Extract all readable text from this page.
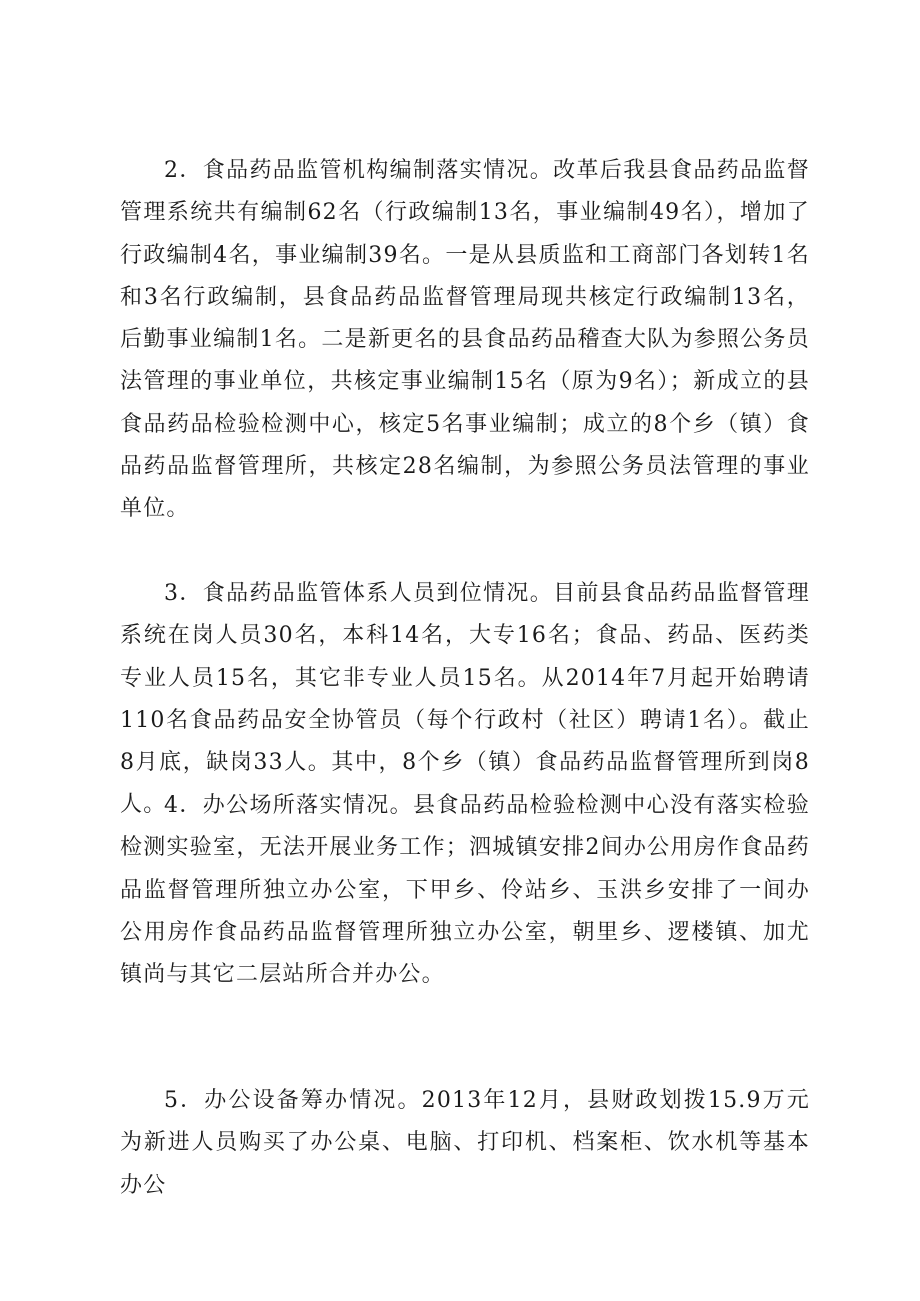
2．食品药品监管机构编制落实情况。改革后我县食品药品监督管理系统共有编制62名（行政编制13名，事业编制49名），增加了行政编制4名，事业编制39名。一是从县质监和工商部门各划转1名和3名行政编制，县食品药品监督管理局现共核定行政编制13名，后勤事业编制1名。二是新更名的县食品药品稽查大队为参照公务员法管理的事业单位，共核定事业编制15名（原为9名）；新成立的县食品药品检验检测中心，核定5名事业编制；成立的8个乡（镇）食品药品监督管理所，共核定28名编制，为参照公务员法管理的事业单位。

3．食品药品监管体系人员到位情况。目前县食品药品监督管理系统在岗人员30名，本科14名，大专16名；食品、药品、医药类专业人员15名，其它非专业人员15名。从2014年7月起开始聘请110名食品药品安全协管员（每个行政村（社区）聘请1名）。截止8月底，缺岗33人。其中，8个乡（镇）食品药品监督管理所到岗8人。

4．办公场所落实情况。县食品药品检验检测中心没有落实检验检测实验室，无法开展业务工作；泗城镇安排2间办公用房作食品药品监督管理所独立办公室，下甲乡、伶站乡、玉洪乡安排了一间办公用房作食品药品监督管理所独立办公室，朝里乡、逻楼镇、加尤镇尚与其它二层站所合并办公。

5．办公设备筹办情况。2013年12月，县财政划拨15.9万元为新进人员购买了办公桌、电脑、打印机、档案柜、饮水机等基本办公
